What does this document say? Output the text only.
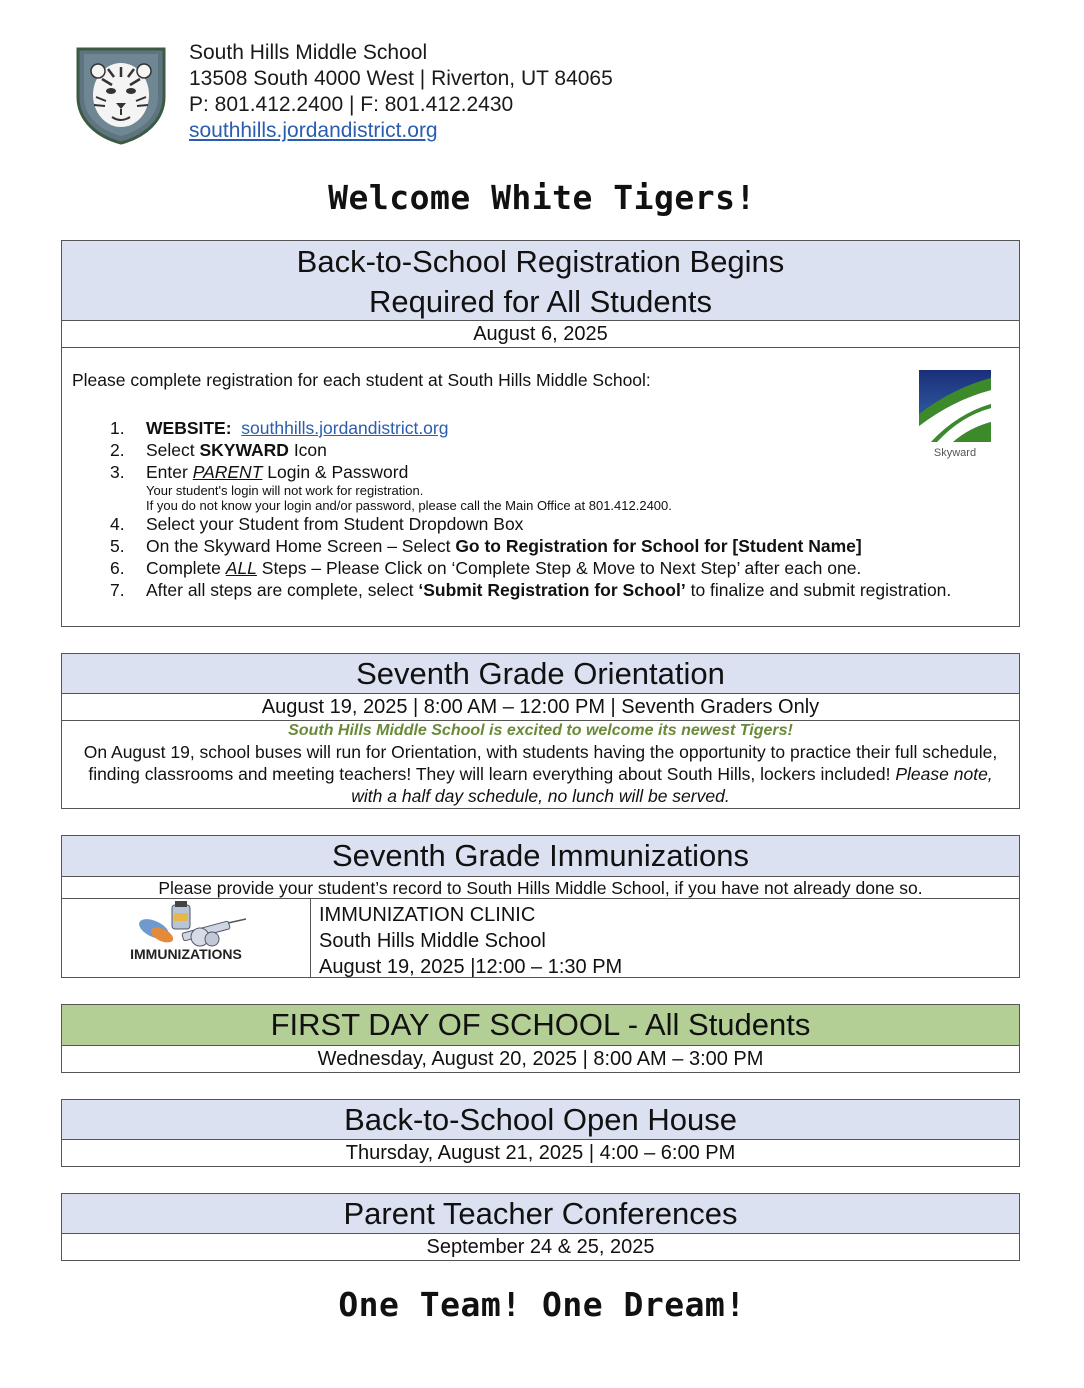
South Hills Middle School
13508 South 4000 West | Riverton, UT 84065
P: 801.412.2400 | F: 801.412.2430
southhills.jordandistrict.org
Welcome White Tigers!
Back-to-School Registration Begins
Required for All Students
August 6, 2025
Please complete registration for each student at South Hills Middle School:
1. WEBSITE: southhills.jordandistrict.org
2. Select SKYWARD Icon
3. Enter PARENT Login & Password
Your student's login will not work for registration.
If you do not know your login and/or password, please call the Main Office at 801.412.2400.
4. Select your Student from Student Dropdown Box
5. On the Skyward Home Screen – Select Go to Registration for School for [Student Name]
6. Complete ALL Steps – Please Click on ‘Complete Step & Move to Next Step’ after each one.
7. After all steps are complete, select ‘Submit Registration for School’ to finalize and submit registration.
Skyward
Seventh Grade Orientation
August 19, 2025 | 8:00 AM – 12:00 PM | Seventh Graders Only
South Hills Middle School is excited to welcome its newest Tigers!
On August 19, school buses will run for Orientation, with students having the opportunity to practice their full schedule, finding classrooms and meeting teachers! They will learn everything about South Hills, lockers included! Please note, with a half day schedule, no lunch will be served.
Seventh Grade Immunizations
Please provide your student’s record to South Hills Middle School, if you have not already done so.
IMMUNIZATIONS
IMMUNIZATION CLINIC
South Hills Middle School
August 19, 2025 |12:00 – 1:30 PM
FIRST DAY OF SCHOOL - All Students
Wednesday, August 20, 2025 | 8:00 AM – 3:00 PM
Back-to-School Open House
Thursday, August 21, 2025 | 4:00 – 6:00 PM
Parent Teacher Conferences
September 24 & 25, 2025
One Team! One Dream!
